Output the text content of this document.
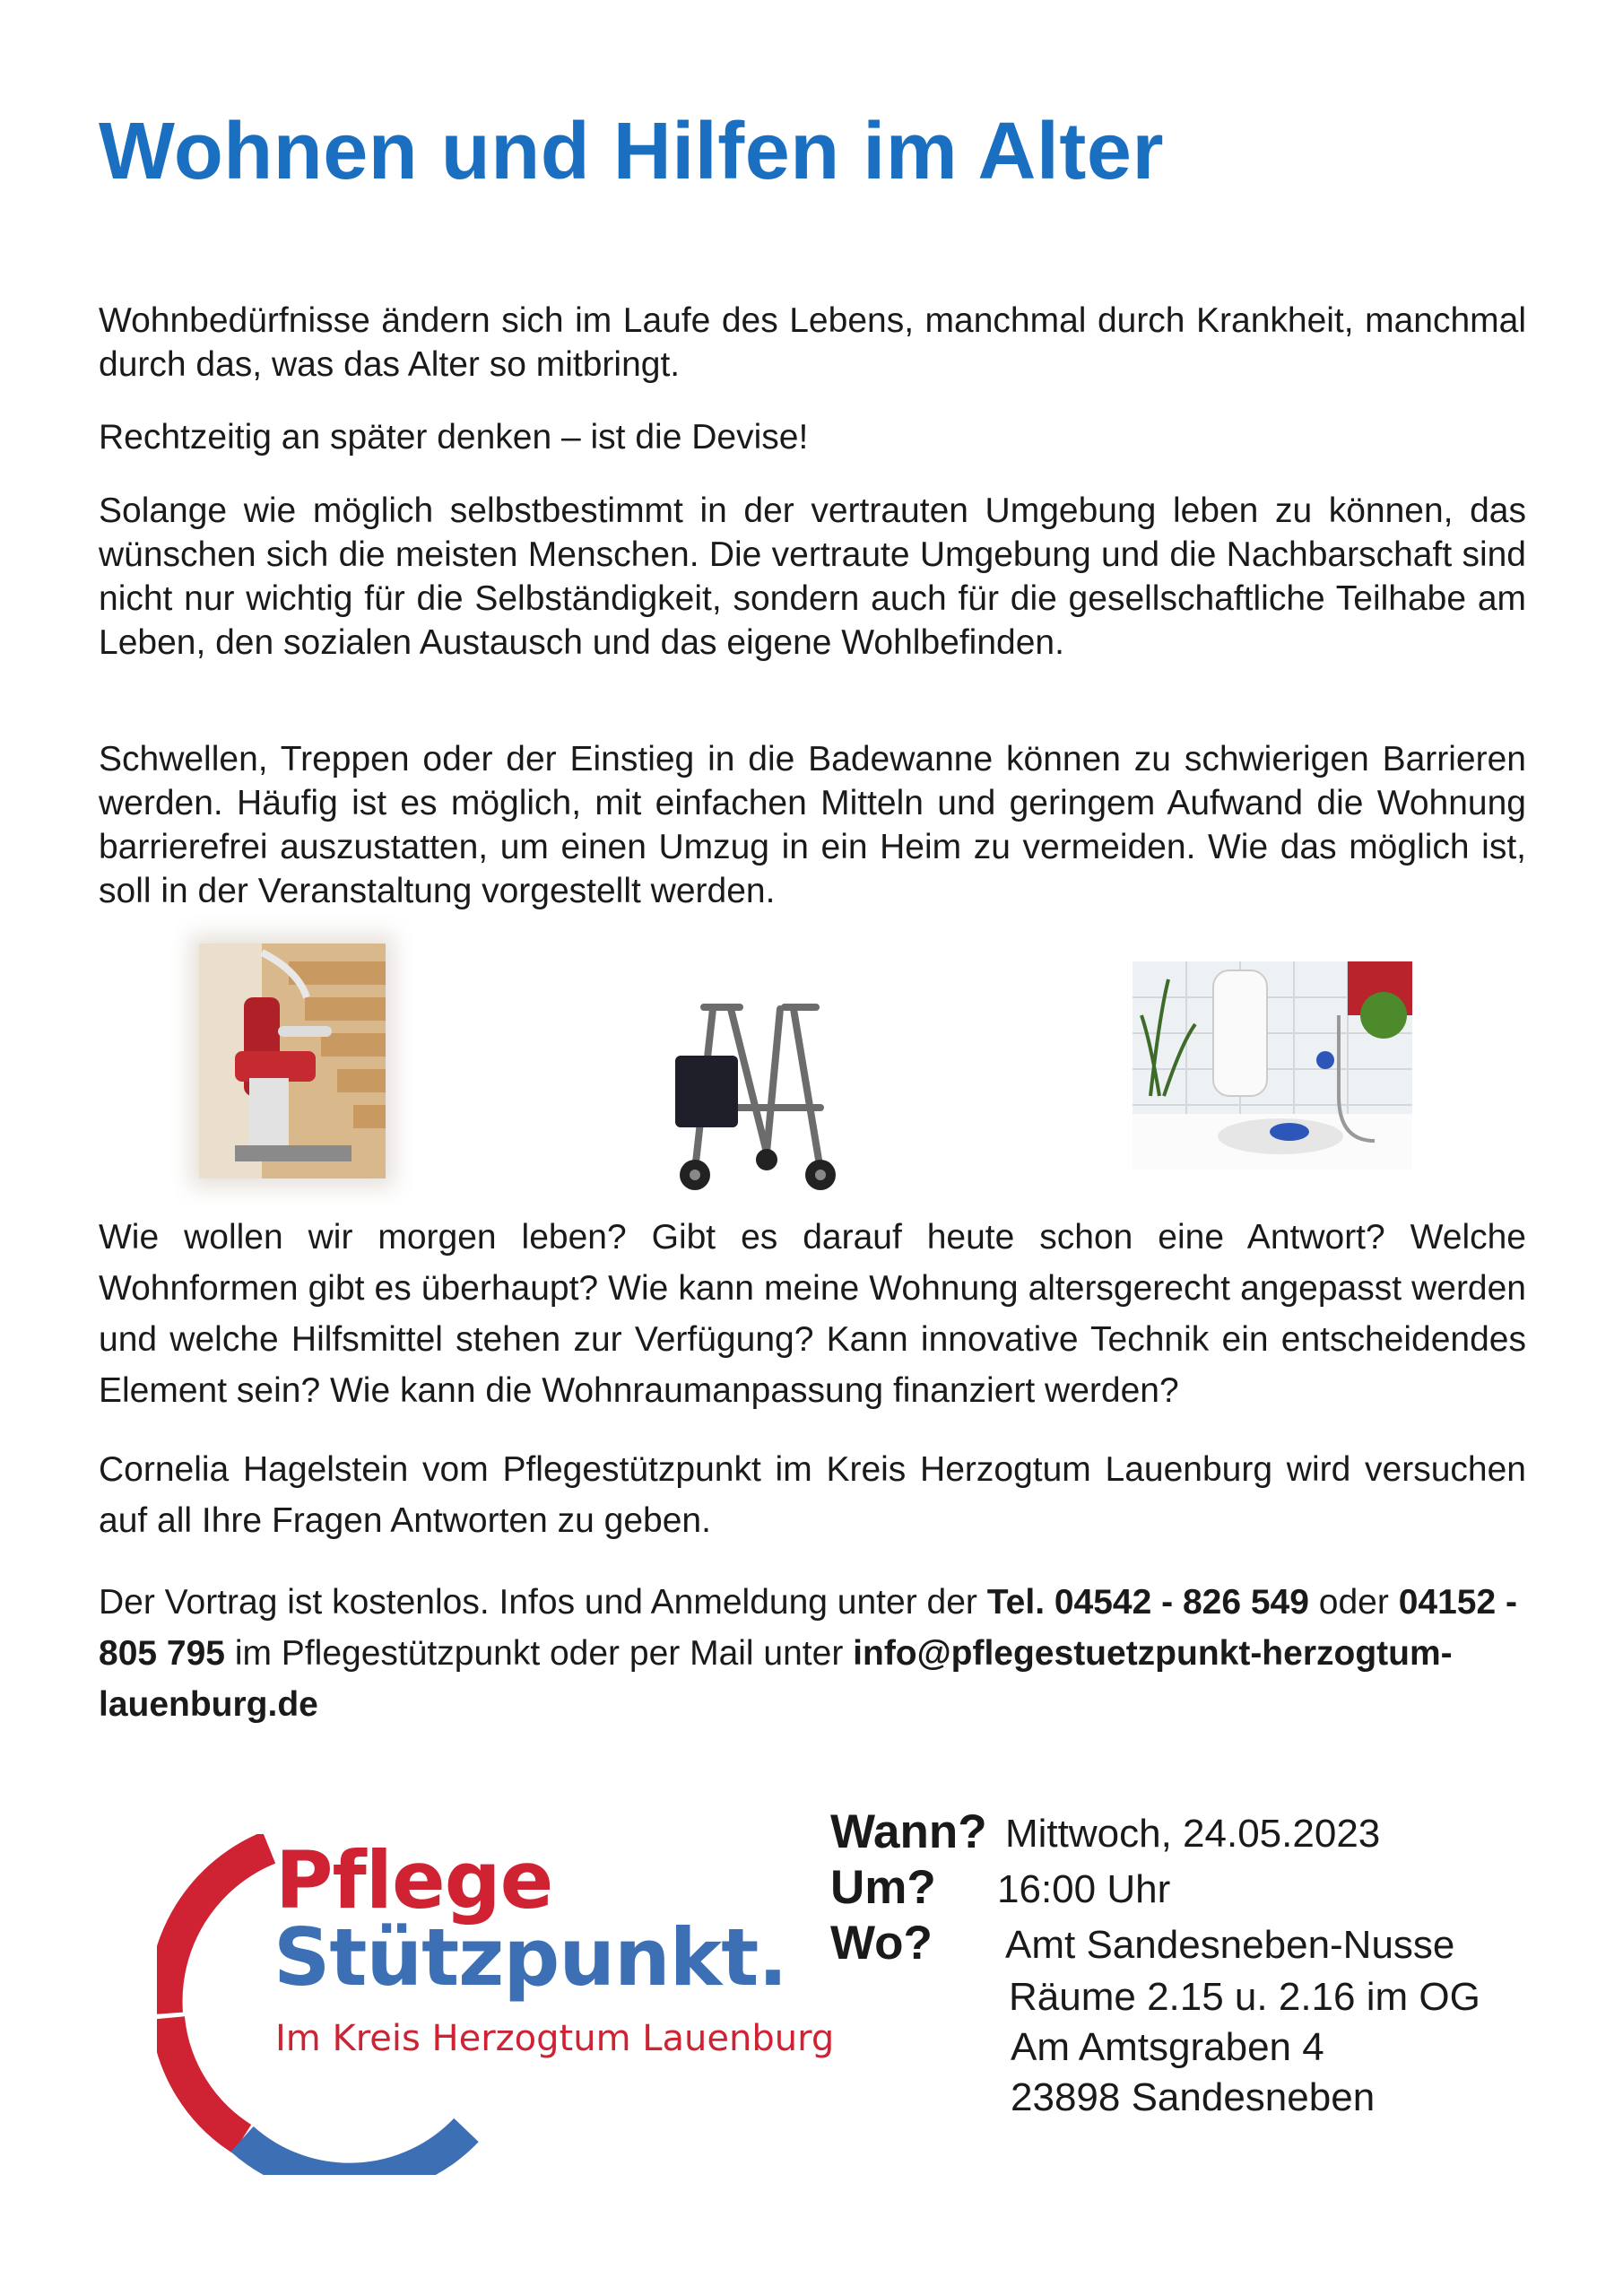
Wohnen und Hilfen im Alter

Wohnbedürfnisse ändern sich im Laufe des Lebens, manchmal durch Krankheit, manchmal durch das, was das Alter so mitbringt.

Rechtzeitig an später denken – ist die Devise!

Solange wie möglich selbstbestimmt in der vertrauten Umgebung leben zu können, das wünschen sich die meisten Menschen. Die vertraute Umgebung und die Nachbarschaft sind nicht nur wichtig für die Selbständigkeit, sondern auch für die gesellschaftliche Teilhabe am Leben, den sozialen Austausch und das eigene Wohlbefinden.

Schwellen, Treppen oder der Einstieg in die Badewanne können zu schwierigen Barrieren werden. Häufig ist es möglich, mit einfachen Mitteln und geringem Aufwand die Wohnung barrierefrei auszustatten, um einen Umzug in ein Heim zu vermeiden. Wie das möglich ist, soll in der Veranstaltung vorgestellt werden.

Wie wollen wir morgen leben? Gibt es darauf heute schon eine Antwort? Welche Wohnformen gibt es überhaupt? Wie kann meine Wohnung altersgerecht angepasst werden und welche Hilfsmittel stehen zur Verfügung? Kann innovative Technik ein entscheidendes Element sein? Wie kann die Wohnraumanpassung finanziert werden?

Cornelia Hagelstein vom Pflegestützpunkt im Kreis Herzogtum Lauenburg wird versuchen auf all Ihre Fragen Antworten zu geben.

Der Vortrag ist kostenlos. Infos und Anmeldung unter der Tel. 04542 - 826 549 oder 04152 - 805 795 im Pflegestützpunkt oder per Mail unter info@pflegestuetzpunkt-herzogtum-lauenburg.de

Pflege
Stützpunkt.
Im Kreis Herzogtum Lauenburg
Wann? Mittwoch, 24.05.2023
Um? 16:00 Uhr
Wo? Amt Sandesneben-Nusse
Räume 2.15 u. 2.16 im OG
Am Amtsgraben 4
23898 Sandesneben
